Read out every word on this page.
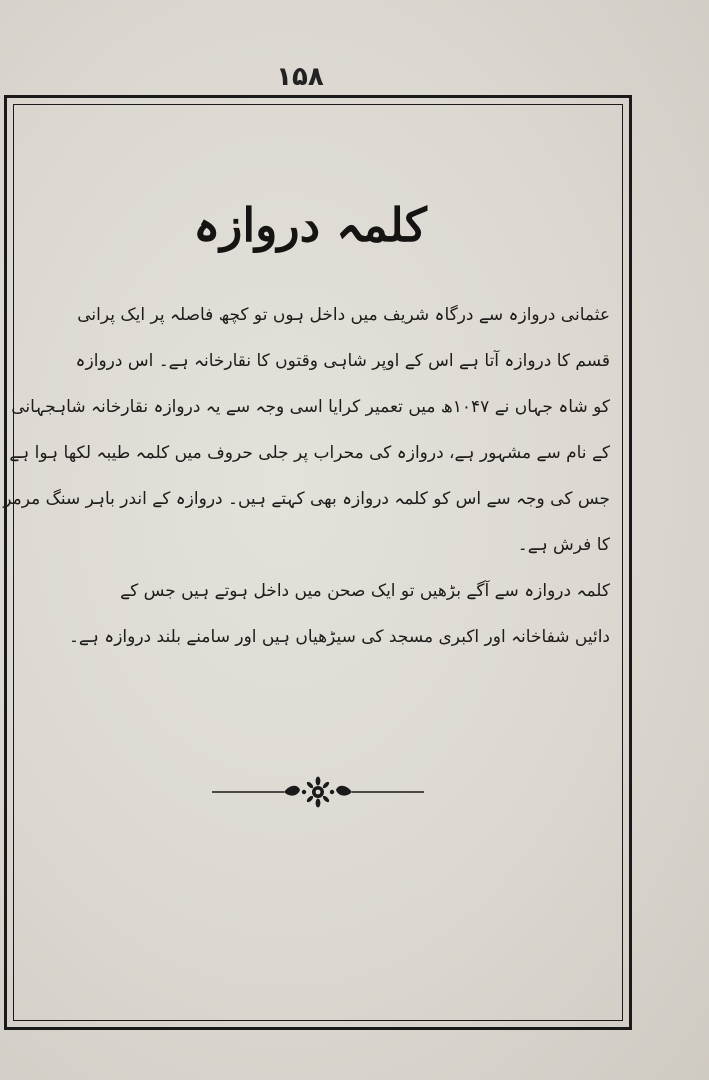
۱۵۸
کلمہ دروازہ
عثمانی دروازہ سے درگاہ شریف میں داخل ہوں تو کچھ فاصلہ پر ایک پرانی
قسم کا دروازہ آتا ہے اس کے اوپر شاہی وقتوں کا نقارخانہ ہے۔ اس دروازہ
کو شاہ جہاں نے ۱۰۴۷ھ میں تعمیر کرایا اسی وجہ سے یہ دروازہ نقارخانہ شاہجہانی
کے نام سے مشہور ہے، دروازہ کی محراب پر جلی حروف میں کلمہ طیبہ لکھا ہوا ہے
جس کی وجہ سے اس کو کلمہ دروازہ بھی کہتے ہیں۔ دروازہ کے اندر باہر سنگ مرمر
کا فرش ہے۔
کلمہ دروازہ سے آگے بڑھیں تو ایک صحن میں داخل ہوتے ہیں جس کے
دائیں شفاخانہ اور اکبری مسجد کی سیڑھیاں ہیں اور سامنے بلند دروازہ ہے۔
